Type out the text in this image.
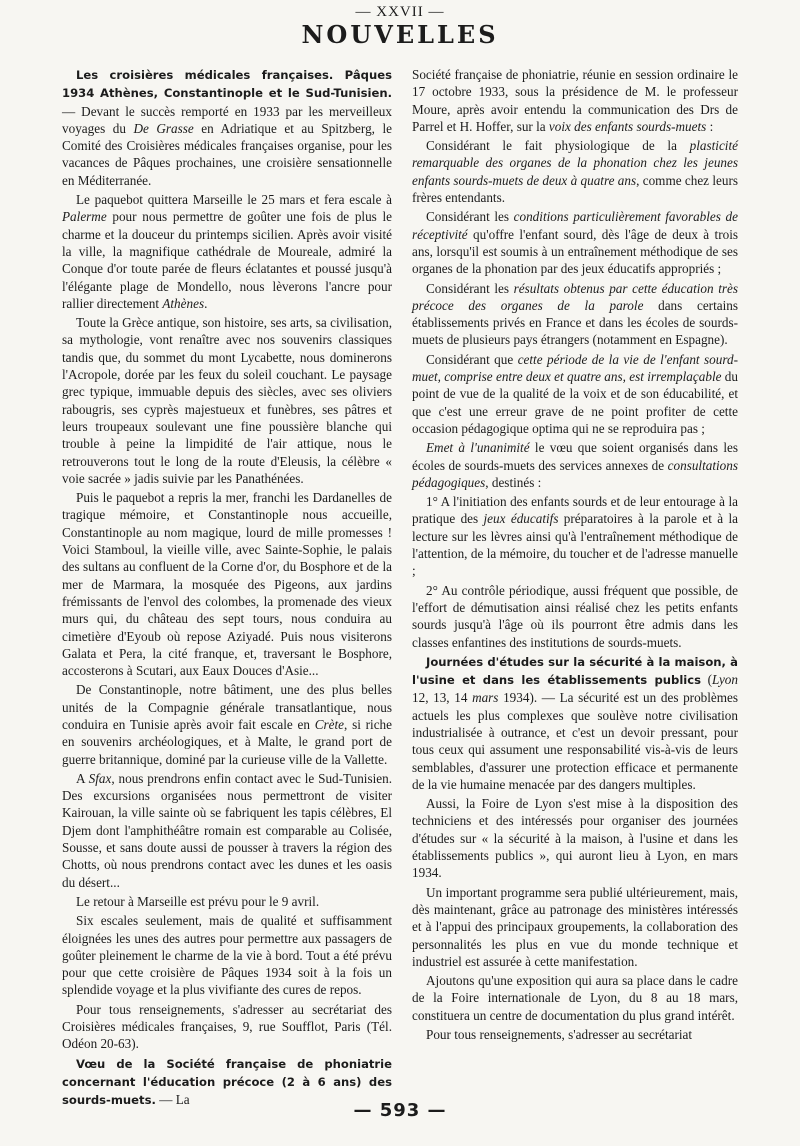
— XXVII —
NOUVELLES

Les croisières médicales françaises. Pâques 1934 Athènes, Constantinople et le Sud-Tunisien. — Devant le succès remporté en 1933 par les merveilleux voyages du De Grasse en Adriatique et au Spitzberg, le Comité des Croisières médicales françaises organise, pour les vacances de Pâques prochaines, une croisière sensationnelle en Méditerranée.

Le paquebot quittera Marseille le 25 mars et fera escale à Palerme pour nous permettre de goûter une fois de plus le charme et la douceur du printemps sicilien. Après avoir visité la ville, la magnifique cathédrale de Moureale, admiré la Conque d'or toute parée de fleurs éclatantes et poussé jusqu'à l'élégante plage de Mondello, nous lèverons l'ancre pour rallier directement Athènes.

Toute la Grèce antique, son histoire, ses arts, sa civilisation, sa mythologie, vont renaître avec nos souvenirs classiques tandis que, du sommet du mont Lycabette, nous dominerons l'Acropole, dorée par les feux du soleil couchant. Le paysage grec typique, immuable depuis des siècles, avec ses oliviers rabougris, ses cyprès majestueux et funèbres, ses pâtres et leurs troupeaux soulevant une fine poussière blanche qui trouble à peine la limpidité de l'air attique, nous le retrouverons tout le long de la route d'Eleusis, la célèbre « voie sacrée » jadis suivie par les Panathénées.

Puis le paquebot a repris la mer, franchi les Dardanelles de tragique mémoire, et Constantinople nous accueille, Constantinople au nom magique, lourd de mille promesses ! Voici Stamboul, la vieille ville, avec Sainte-Sophie, le palais des sultans au confluent de la Corne d'or, du Bosphore et de la mer de Marmara, la mosquée des Pigeons, aux jardins frémissants de l'envol des colombes, la promenade des vieux murs qui, du château des sept tours, nous conduira au cimetière d'Eyoub où repose Aziyadé. Puis nous visiterons Galata et Pera, la cité franque, et, traversant le Bosphore, accosterons à Scutari, aux Eaux Douces d'Asie...

De Constantinople, notre bâtiment, une des plus belles unités de la Compagnie générale transatlantique, nous conduira en Tunisie après avoir fait escale en Crète, si riche en souvenirs archéologiques, et à Malte, le grand port de guerre britannique, dominé par la curieuse ville de la Vallette.

A Sfax, nous prendrons enfin contact avec le Sud-Tunisien. Des excursions organisées nous permettront de visiter Kairouan, la ville sainte où se fabriquent les tapis célèbres, El Djem dont l'amphithéâtre romain est comparable au Colisée, Sousse, et sans doute aussi de pousser à travers la région des Chotts, où nous prendrons contact avec les dunes et les oasis du désert...

Le retour à Marseille est prévu pour le 9 avril.

Six escales seulement, mais de qualité et suffisamment éloignées les unes des autres pour permettre aux passagers de goûter pleinement le charme de la vie à bord. Tout a été prévu pour que cette croisière de Pâques 1934 soit à la fois un splendide voyage et la plus vivifiante des cures de repos.

Pour tous renseignements, s'adresser au secrétariat des Croisières médicales françaises, 9, rue Soufflot, Paris (Tél. Odéon 20-63).

Vœu de la Société française de phoniatrie concernant l'éducation précoce (2 à 6 ans) des sourds-muets. — La

Société française de phoniatrie, réunie en session ordinaire le 17 octobre 1933, sous la présidence de M. le professeur Moure, après avoir entendu la communication des Drs de Parrel et H. Hoffer, sur la voix des enfants sourds-muets :

Considérant le fait physiologique de la plasticité remarquable des organes de la phonation chez les jeunes enfants sourds-muets de deux à quatre ans, comme chez leurs frères entendants.

Considérant les conditions particulièrement favorables de réceptivité qu'offre l'enfant sourd, dès l'âge de deux à trois ans, lorsqu'il est soumis à un entraînement méthodique de ses organes de la phonation par des jeux éducatifs appropriés ;

Considérant les résultats obtenus par cette éducation très précoce des organes de la parole dans certains établissements privés en France et dans les écoles de sourds-muets de plusieurs pays étrangers (notamment en Espagne).

Considérant que cette période de la vie de l'enfant sourd-muet, comprise entre deux et quatre ans, est irremplaçable du point de vue de la qualité de la voix et de son éducabilité, et que c'est une erreur grave de ne point profiter de cette occasion pédagogique optima qui ne se reproduira pas ;

Emet à l'unanimité le vœu que soient organisés dans les écoles de sourds-muets des services annexes de consultations pédagogiques, destinés :

1° A l'initiation des enfants sourds et de leur entourage à la pratique des jeux éducatifs préparatoires à la parole et à la lecture sur les lèvres ainsi qu'à l'entraînement méthodique de l'attention, de la mémoire, du toucher et de l'adresse manuelle ;

2° Au contrôle périodique, aussi fréquent que possible, de l'effort de démutisation ainsi réalisé chez les petits enfants sourds jusqu'à l'âge où ils pourront être admis dans les classes enfantines des institutions de sourds-muets.

Journées d'études sur la sécurité à la maison, à l'usine et dans les établissements publics (Lyon 12, 13, 14 mars 1934). — La sécurité est un des problèmes actuels les plus complexes que soulève notre civilisation industrialisée à outrance, et c'est un devoir pressant, pour tous ceux qui assument une responsabilité vis-à-vis de leurs semblables, d'assurer une protection efficace et permanente de la vie humaine menacée par des dangers multiples.

Aussi, la Foire de Lyon s'est mise à la disposition des techniciens et des intéressés pour organiser des journées d'études sur « la sécurité à la maison, à l'usine et dans les établissements publics », qui auront lieu à Lyon, en mars 1934.

Un important programme sera publié ultérieurement, mais, dès maintenant, grâce au patronage des ministères intéressés et à l'appui des principaux groupements, la collaboration des personnalités les plus en vue du monde technique et industriel est assurée à cette manifestation.

Ajoutons qu'une exposition qui aura sa place dans le cadre de la Foire internationale de Lyon, du 8 au 18 mars, constituera un centre de documentation du plus grand intérêt.

Pour tous renseignements, s'adresser au secrétariat

— 593 —
